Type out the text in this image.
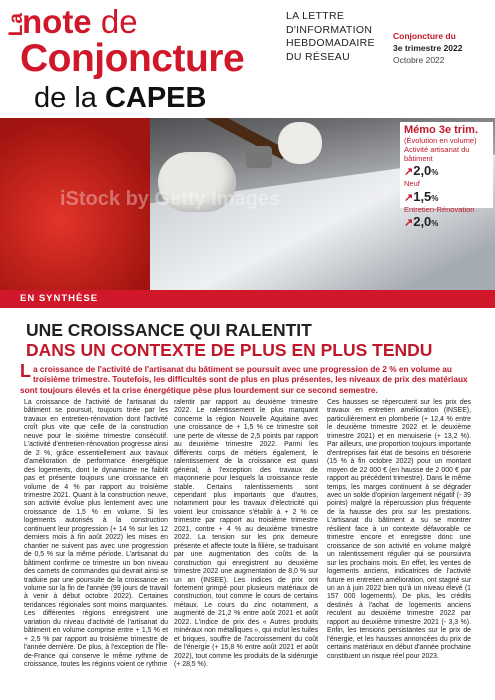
La
note de
Conjoncture
de la CAPEB
LA LETTRE
D'INFORMATION
HEBDOMADAIRE
DU RÉSEAU
Conjoncture du
3e trimestre 2022
Octobre 2022
iStock by Getty Images
Mémo 3e trim.
(Évolution en volume)
Activité artisanat du bâtiment
↗2,0%
Neuf
↗1,5%
Entretien-Rénovation
↗2,0%
EN SYNTHÈSE
UNE CROISSANCE QUI RALENTIT
DANS UN CONTEXTE DE PLUS EN PLUS TENDU
La croissance de l'activité de l'artisanat du bâtiment se poursuit avec une progression de 2 % en volume au troisième trimestre. Toutefois, les difficultés sont de plus en plus présentes, les niveaux de prix des matériaux sont toujours élevés et la crise énergétique pèse plus lourdement sur ce second semestre.

La croissance de l'activité de l'artisanat du bâtiment se poursuit, toujours tirée par les travaux en entretien-rénovation dont l'activité croît plus vite que celle de la construction neuve pour le sixième trimestre consécutif. L'activité d'entretien-rénovation progresse ainsi de 2 %, grâce essentiellement aux travaux d'amélioration de performance énergétique des logements, dont le dynamisme ne faiblit pas et présente toujours une croissance en volume de 4 % par rapport au troisième trimestre 2021. Quant à la construction neuve, son activité évolue plus lentement avec une croissance de 1,5 % en volume. Si les logements autorisés à la construction continuent leur progression (+ 14 % sur les 12 derniers mois à fin août 2022) les mises en chantier ne suivent pas avec une progression de 0,5 % sur la même période. L'artisanat du bâtiment confirme ce trimestre un bon niveau des carnets de commandes qui devrait ainsi se traduire par une poursuite de la croissance en volume sur la fin de l'année (99 jours de travail à venir à début octobre 2022). Certaines tendances régionales sont moins marquantes. Les différentes régions enregistrent une variation du niveau d'activité de l'artisanat du bâtiment en volume comprise entre + 1,5 % et + 2,5 % par rapport au troisième trimestre de l'année dernière. De plus, à l'exception de l'Île-de-France qui conserve le même rythme de croissance, toutes les régions voient ce rythme

ralentir par rapport au deuxième trimestre 2022. Le ralentissement le plus marquant concerne la région Nouvelle Aquitaine avec une croissance de + 1,5 % ce trimestre soit une perte de vitesse de 2,5 points par rapport au deuxième trimestre 2022. Parmi les différents corps de métiers également, le ralentissement de la croissance est quasi général, à l'exception des travaux de maçonnerie pour lesquels la croissance reste stable. Certains ralentissements sont cependant plus importants que d'autres, notamment pour les travaux d'électricité qui voient leur croissance s'établir à + 2 % ce trimestre par rapport au troisième trimestre 2021, contre + 4 % au deuxième trimestre 2022. La tension sur les prix demeure présente et affecte toute la filière, se traduisant par une augmentation des coûts de la construction qui enregistrent au deuxième trimestre 2022 une augmentation de 8,0 % sur un an (INSEE). Les indices de prix ont fortement grimpé pour plusieurs matériaux de construction, tout comme le cours de certains métaux. Le cours du zinc notamment, a augmenté de 21,2 % entre août 2021 et août 2022. L'indice de prix des « Autres produits minéraux non métalliques », qui inclut les tuiles et briques, souffre de l'accroissement du coût de l'énergie (+ 15,8 % entre août 2021 et août 2022), tout comme les produits de la sidérurgie (+ 28,5 %).

Ces hausses se répercutent sur les prix des travaux en entretien amélioration (INSEE), particulièrement en plomberie (+ 12,4 % entre le deuxième trimestre 2022 et le deuxième trimestre 2021) et en menuiserie (+ 13,2 %). Par ailleurs, une proportion toujours importante d'entreprises fait état de besoins en trésorerie (15 % à fin octobre 2022) pour un montant moyen de 22 000 € (en hausse de 2 000 € par rapport au précédent trimestre). Dans le même temps, les marges continuent à se dégrader avec un solde d'opinion largement négatif (- 39 points) malgré la répercussion plus fréquente de la hausse des prix sur les prestations. L'artisanat du bâtiment a su se montrer résilient face à un contexte défavorable ce trimestre encore et enregistre donc une croissance de son activité en volume malgré un ralentissement régulier qui se poursuivra sur les prochains mois. En effet, les ventes de logements anciens, indicatrices de l'activité future en entretien amélioration, ont stagné sur un an à juin 2022 bien qu'à un niveau élevé (1 157 000 logements). De plus, les crédits destinés à l'achat de logements anciens reculent au deuxième trimestre 2022 par rapport au deuxième trimestre 2021 (- 3,3 %). Enfin, les tensions persistantes sur le prix de l'énergie, et les hausses annoncées du prix de certains matériaux en début d'année prochaine constituent un risque réel pour 2023.
